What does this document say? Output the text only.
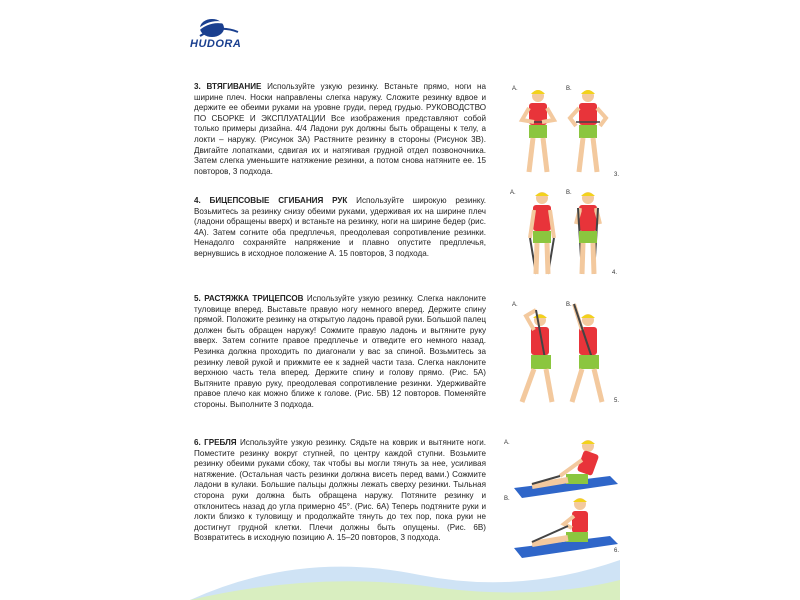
HUDORA
3. ВТЯГИВАНИЕ Используйте узкую резинку. Встаньте прямо, ноги на ширине плеч. Носки направлены слегка наружу. Сложите резинку вдвое и держите ее обеими руками на уровне груди, перед грудью. РУКОВОДСТВО ПО СБОРКЕ И ЭКСПЛУАТАЦИИ Все изображения представляют собой только примеры дизайна. 4/4 Ладони рук должны быть обращены к телу, а локти – наружу. (Рисунок 3А) Растяните резинку в стороны (Рисунок 3В). Двигайте лопатками, сдвигая их и натягивая грудной отдел позвоночника. Затем слегка уменьшите натяжение резинки, а потом снова натяните ее. 15 повторов, 3 подхода.
4. БИЦЕПСОВЫЕ СГИБАНИЯ РУК Используйте широкую резинку. Возьмитесь за резинку снизу обеими руками, удерживая их на ширине плеч (ладони обращены вверх) и встаньте на резинку, ноги на ширине бедер (рис. 4А). Затем согните оба предплечья, преодолевая сопротивление резинки. Ненадолго сохраняйте напряжение и плавно опустите предплечья, вернувшись в исходное положение А. 15 повторов, 3 подхода.
5. РАСТЯЖКА ТРИЦЕПСОВ Используйте узкую резинку. Слегка наклоните туловище вперед. Выставьте правую ногу немного вперед. Держите спину прямой. Положите резинку на открытую ладонь правой руки. Большой палец должен быть обращен наружу! Сожмите правую ладонь и вытяните руку вверх. Затем согните правое предплечье и отведите его немного назад. Резинка должна проходить по диагонали у вас за спиной. Возьмитесь за резинку левой рукой и прижмите ее к задней части таза. Слегка наклоните верхнюю часть тела вперед. Держите спину и голову прямо. (Рис. 5А) Вытяните правую руку, преодолевая сопротивление резинки. Удерживайте правое плечо как можно ближе к голове. (Рис. 5В) 12 повторов. Поменяйте стороны. Выполните 3 подхода.
6. ГРЕБЛЯ Используйте узкую резинку. Сядьте на коврик и вытяните ноги. Поместите резинку вокруг ступней, по центру каждой ступни. Возьмите резинку обеими руками сбоку, так чтобы вы могли тянуть за нее, усиливая натяжение. (Остальная часть резинки должна висеть перед вами.) Сожмите ладони в кулаки. Большие пальцы должны лежать сверху резинки. Тыльная сторона руки должна быть обращена наружу. Потяните резинку и отклонитесь назад до угла примерно 45°. (Рис. 6А) Теперь подтяните руки и локти близко к туловищу и продолжайте тянуть до тех пор, пока руки не достигнут грудной клетки. Плечи должны быть опущены. (Рис. 6В) Возвратитесь в исходную позицию А. 15–20 повторов, 3 подхода.
A.	B.
3.
A.	B.
4.
A.	B.
5.
A.
B.
6.
